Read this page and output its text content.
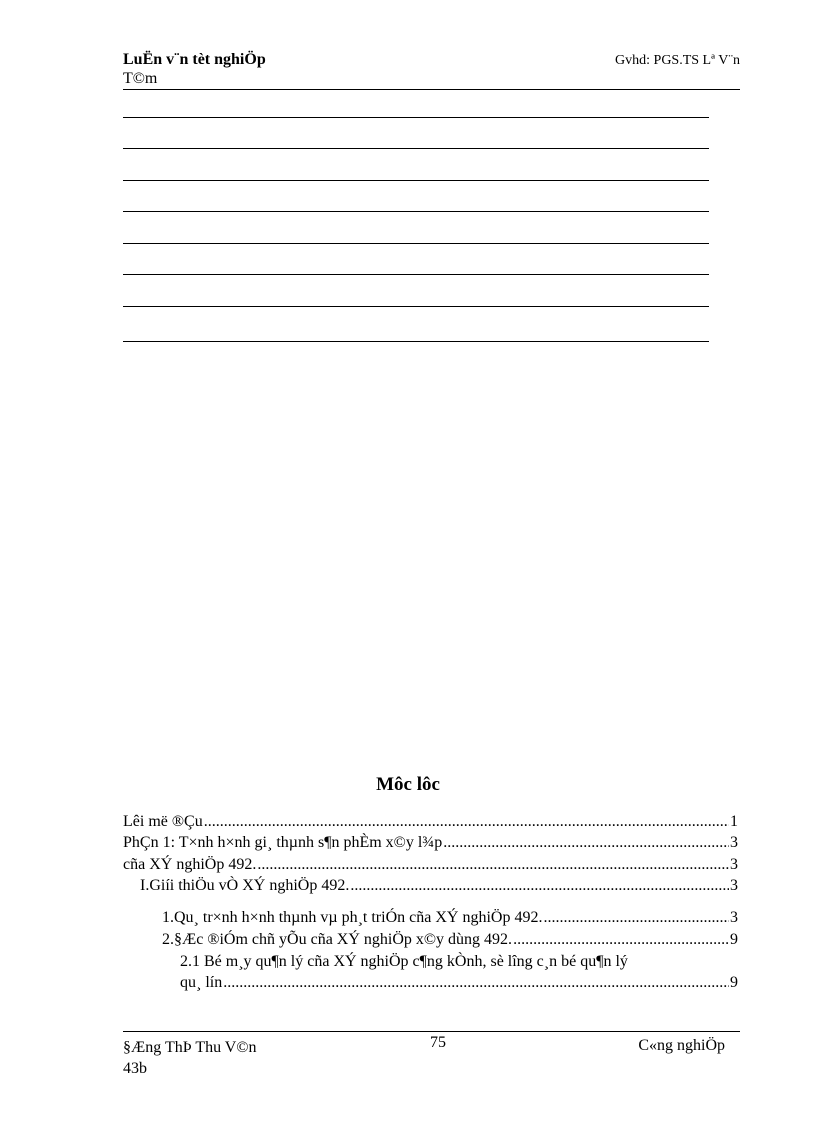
LuËn v¨n tèt nghiÖp
T©m
Gvhd: PGS.TS Lª V¨n
Môc lôc
Lêi më ®Çu .....	1
PhÇn 1: T×nh h×nh gi¸ thµnh s¶n phÈm x©y l¾p .....	3
cña XÝ nghiÖp 492. .....	3
I.Giíi thiÖu vÒ XÝ nghiÖp 492. .....	3
1.Qu¸ tr×nh h×nh thµnh vµ ph¸t triÓn cña XÝ nghiÖp 492. .....	3
2.§Æc ®iÓm chñ yÕu cña XÝ nghiÖp x©y dùng 492. .....	9
2.1 Bé m¸y qu¶n lý cña XÝ nghiÖp c¶ng kÒnh, sè lîng c¸n bé qu¶n lý
qu¸ lín .....	9
§Æng ThÞ Thu V©n
43b
75	C«ng nghiÖp
